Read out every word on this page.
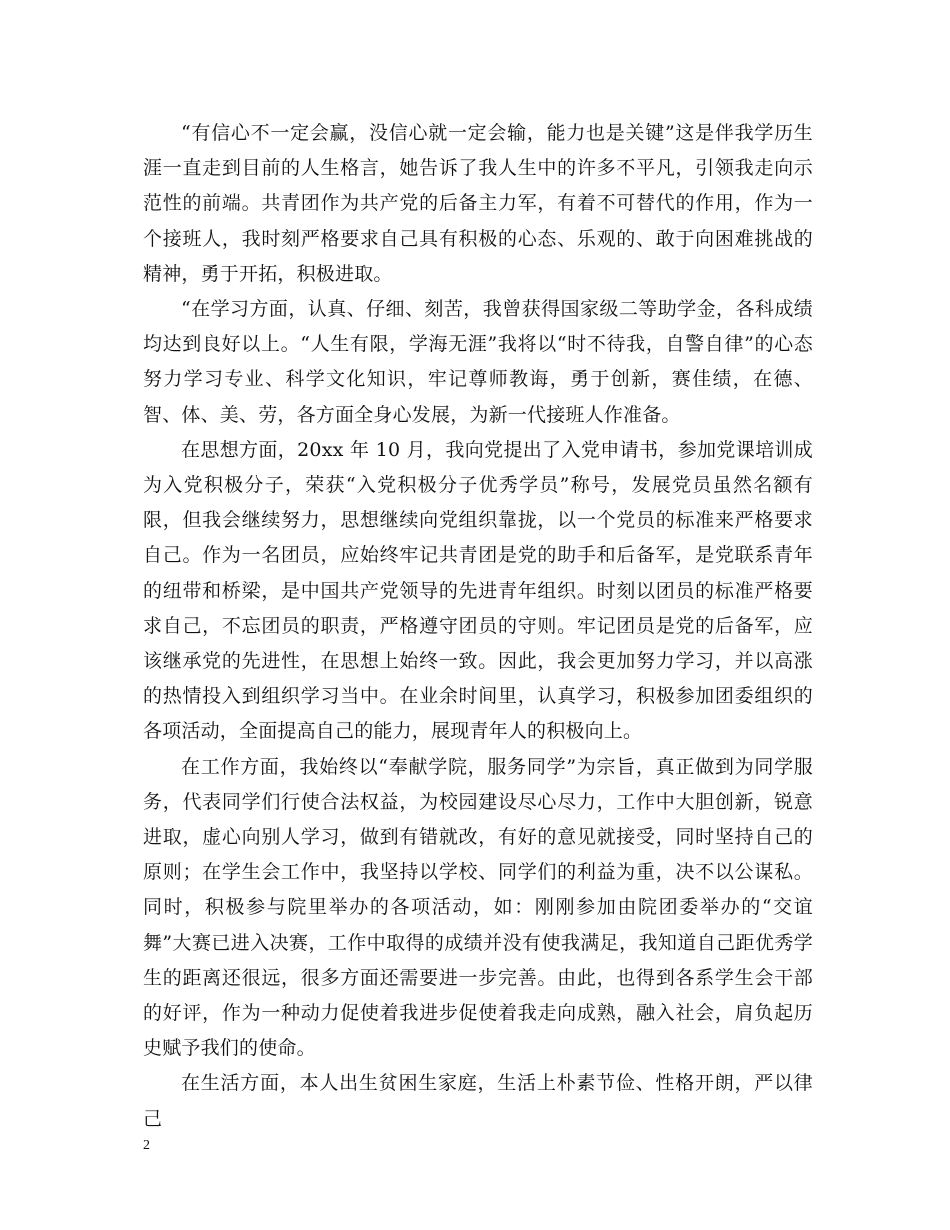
“有信心不一定会赢，没信心就一定会输，能力也是关键”这是伴我学历生涯一直走到目前的人生格言，她告诉了我人生中的许多不平凡，引领我走向示范性的前端。共青团作为共产党的后备主力军，有着不可替代的作用，作为一个接班人，我时刻严格要求自己具有积极的心态、乐观的、敢于向困难挑战的精神，勇于开拓，积极进取。

“在学习方面，认真、仔细、刻苦，我曾获得国家级二等助学金，各科成绩均达到良好以上。“人生有限，学海无涯”我将以“时不待我，自警自律”的心态努力学习专业、科学文化知识，牢记尊师教诲，勇于创新，赛佳绩，在德、智、体、美、劳，各方面全身心发展，为新一代接班人作准备。

在思想方面，20xx 年 10 月，我向党提出了入党申请书，参加党课培训成为入党积极分子，荣获“入党积极分子优秀学员”称号，发展党员虽然名额有限，但我会继续努力，思想继续向党组织靠拢，以一个党员的标准来严格要求自己。作为一名团员，应始终牢记共青团是党的助手和后备军，是党联系青年的纽带和桥梁，是中国共产党领导的先进青年组织。时刻以团员的标准严格要求自己，不忘团员的职责，严格遵守团员的守则。牢记团员是党的后备军，应该继承党的先进性，在思想上始终一致。因此，我会更加努力学习，并以高涨的热情投入到组织学习当中。在业余时间里，认真学习，积极参加团委组织的各项活动，全面提高自己的能力，展现青年人的积极向上。

在工作方面，我始终以“奉献学院，服务同学”为宗旨，真正做到为同学服务，代表同学们行使合法权益，为校园建设尽心尽力，工作中大胆创新，锐意进取，虚心向别人学习，做到有错就改，有好的意见就接受，同时坚持自己的原则；在学生会工作中，我坚持以学校、同学们的利益为重，决不以公谋私。同时，积极参与院里举办的各项活动，如：刚刚参加由院团委举办的“交谊舞”大赛已进入决赛，工作中取得的成绩并没有使我满足，我知道自己距优秀学生的距离还很远，很多方面还需要进一步完善。由此，也得到各系学生会干部的好评，作为一种动力促使着我进步促使着我走向成熟，融入社会，肩负起历史赋予我们的使命。

在生活方面，本人出生贫困生家庭，生活上朴素节俭、性格开朗，严以律己

2
